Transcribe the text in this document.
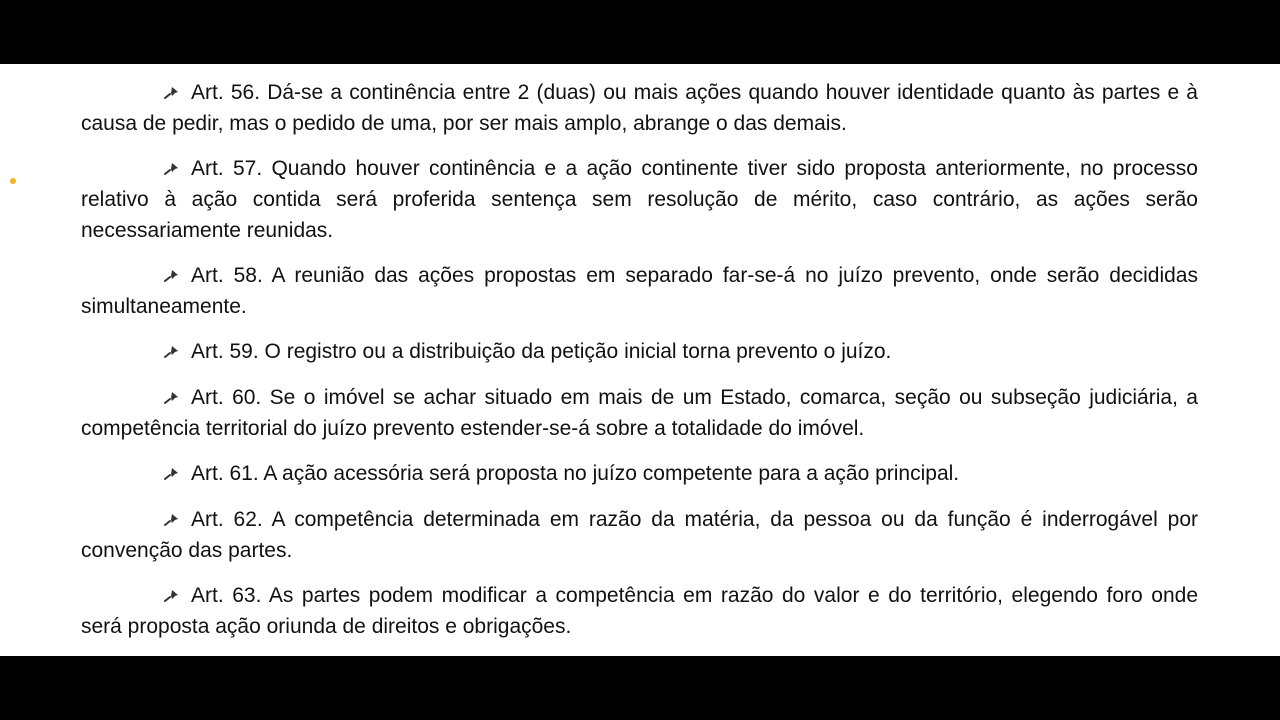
Art. 56. Dá-se a continência entre 2 (duas) ou mais ações quando houver identidade quanto às partes e à causa de pedir, mas o pedido de uma, por ser mais amplo, abrange o das demais.

Art. 57. Quando houver continência e a ação continente tiver sido proposta anteriormente, no processo relativo à ação contida será proferida sentença sem resolução de mérito, caso contrário, as ações serão necessariamente reunidas.

Art. 58. A reunião das ações propostas em separado far-se-á no juízo prevento, onde serão decididas simultaneamente.

Art. 59. O registro ou a distribuição da petição inicial torna prevento o juízo.

Art. 60. Se o imóvel se achar situado em mais de um Estado, comarca, seção ou subseção judiciária, a competência territorial do juízo prevento estender-se-á sobre a totalidade do imóvel.

Art. 61. A ação acessória será proposta no juízo competente para a ação principal.

Art. 62. A competência determinada em razão da matéria, da pessoa ou da função é inderrogável por convenção das partes.

Art. 63. As partes podem modificar a competência em razão do valor e do território, elegendo foro onde será proposta ação oriunda de direitos e obrigações.
